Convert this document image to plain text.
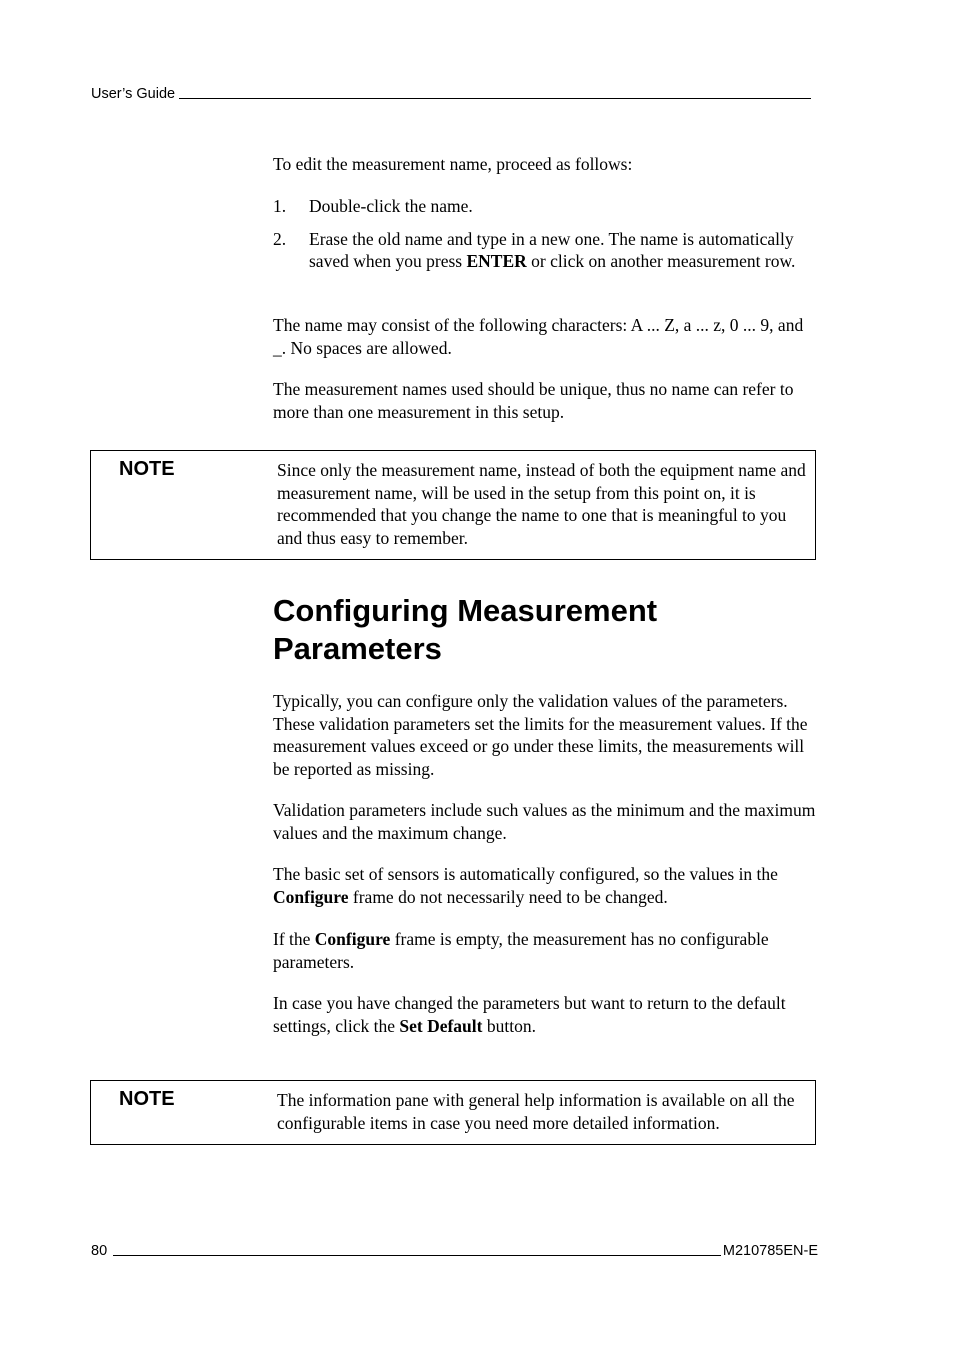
User’s Guide

To edit the measurement name, proceed as follows:

1.	Double-click the name.
2.	Erase the old name and type in a new one. The name is automatically saved when you press ENTER or click on another measurement row.

The name may consist of the following characters: A ... Z, a ... z, 0 ... 9, and _. No spaces are allowed.

The measurement names used should be unique, thus no name can refer to more than one measurement in this setup.

NOTE	Since only the measurement name, instead of both the equipment name and measurement name, will be used in the setup from this point on, it is recommended that you change the name to one that is meaningful to you and thus easy to remember.
Configuring Measurement Parameters

Typically, you can configure only the validation values of the parameters. These validation parameters set the limits for the measurement values. If the measurement values exceed or go under these limits, the measurements will be reported as missing.

Validation parameters include such values as the minimum and the maximum values and the maximum change.

The basic set of sensors is automatically configured, so the values in the Configure frame do not necessarily need to be changed.

If the Configure frame is empty, the measurement has no configurable parameters.

In case you have changed the parameters but want to return to the default settings, click the Set Default button.

NOTE	The information pane with general help information is available on all the configurable items in case you need more detailed information.
80	M210785EN-E
